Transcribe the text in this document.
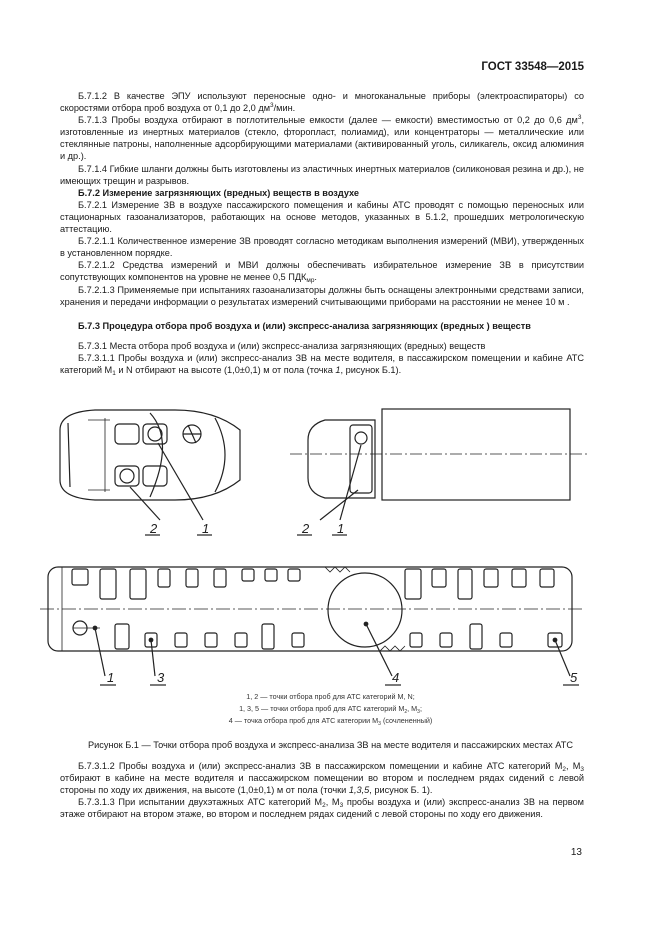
ГОСТ 33548—2015

Б.7.1.2 В качестве ЭПУ используют переносные одно- и многоканальные приборы (электроаспираторы) со скоростями отбора проб воздуха от 0,1 до 2,0 $дм^3$/мин.

Б.7.1.3 Пробы воздуха отбирают в поглотительные емкости (далее — емкости) вместимостью от 0,2 до 0,6 $дм^3$, изготовленные из инертных материалов (стекло, фторопласт, полиамид), или концентраторы — металлические или стеклянные патроны, наполненные адсорбирующими материалами (активированный уголь, силикагель, оксид алюминия и др.).

Б.7.1.4 Гибкие шланги должны быть изготовлены из эластичных инертных материалов (силиконовая резина и др.), не имеющих трещин и разрывов.

Б.7.2 Измерение загрязняющих (вредных) веществ в воздухе

Б.7.2.1 Измерение ЗВ в воздухе пассажирского помещения и кабины АТС проводят с помощью переносных или стационарных газоанализаторов, работающих на основе методов, указанных в 5.1.2, прошедших метрологическую аттестацию.

Б.7.2.1.1 Количественное измерение ЗВ проводят согласно методикам выполнения измерений (МВИ), утвержденных в установленном порядке.

Б.7.2.1.2 Средства измерений и МВИ должны обеспечивать избирательное измерение ЗВ в присутствии сопутствующих компонентов на уровне не менее 0,5 $ПДК_{мр}$.

Б.7.2.1.3 Применяемые при испытаниях газоанализаторы должны быть оснащены электронными средствами записи, хранения и передачи информации о результатах измерений считывающими приборами на расстоянии не менее 10 м .

Б.7.3 Процедура отбора проб воздуха и (или) экспресс-анализа загрязняющих (вредных ) веществ

Б.7.3.1 Места отбора проб воздуха и (или) экспресс-анализа загрязняющих (вредных) веществ

Б.7.3.1.1 Пробы воздуха и (или) экспресс-анализ ЗВ на месте водителя, в пассажирском помещении и кабине АТС категорий $М_1$ и N отбирают на высоте (1,0±0,1) м от пола (точка 1, рисунок Б.1).

2	1	2 1
1	3	4	5
1, 2 — точки отбора проб для АТС категорий M, N;
1, 3, 5 — точки отбора проб для АТС категорий $M_2$, $M_3$;
4 — точка отбора проб для АТС категории $M_3$ (сочлененный)
Рисунок Б.1 — Точки отбора проб воздуха и экспресс-анализа ЗВ на месте водителя и пассажирских местах АТС

Б.7.3.1.2 Пробы воздуха и (или) экспресс-анализ ЗВ в пассажирском помещении и кабине АТС категорий $М_2$, $М_3$ отбирают в кабине на месте водителя и пассажирском помещении во втором и последнем рядах сидений с левой стороны по ходу их движения, на высоте (1,0±0,1) м от пола (точки 1,3,5, рисунок Б. 1).

Б.7.3.1.3 При испытании двухэтажных АТС категорий $М_2$, $М_3$ пробы воздуха и (или) экспресс-анализ ЗВ на первом этаже отбирают на втором этаже, во втором и последнем рядах сидений с левой стороны по ходу его движения.

13
